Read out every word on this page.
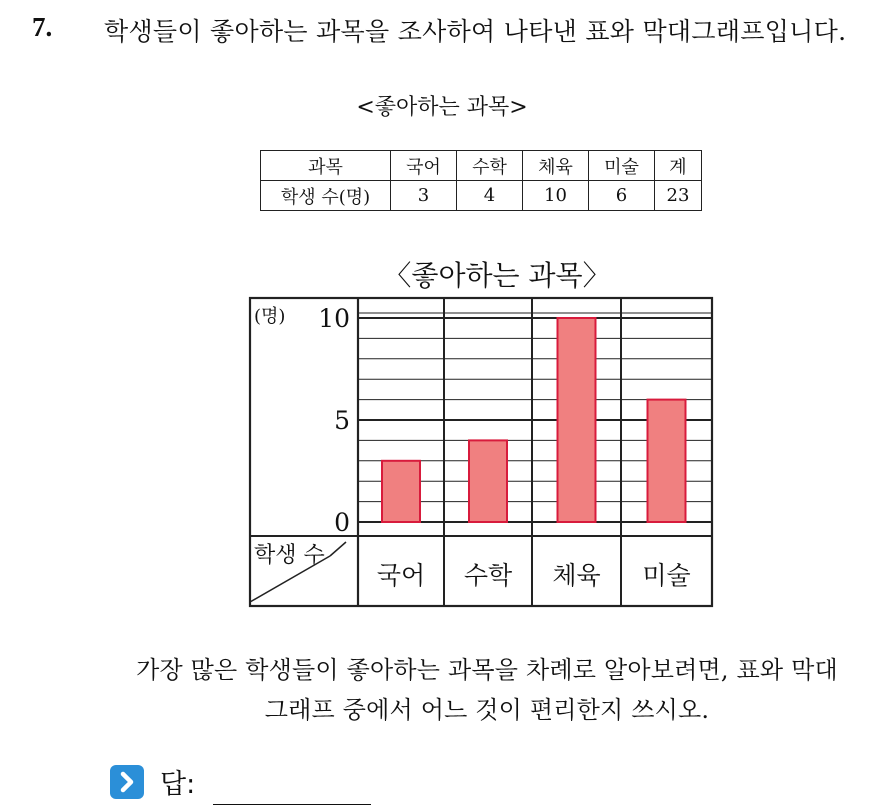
7. 학생들이 좋아하는 과목을 조사하여 나타낸 표와 막대그래프입니다.
<좋아하는 과목>
과목	국어	수학	체육	미술	계
학생 수(명)	3	4	10	6	23
〈좋아하는 과목〉
국어 수학 체육 미술
0
5
10
(명)
학생 수
가장 많은 학생들이 좋아하는 과목을 차례로 알아보려면, 표와 막대
그래프 중에서 어느 것이 편리한지 쓰시오.
답:
